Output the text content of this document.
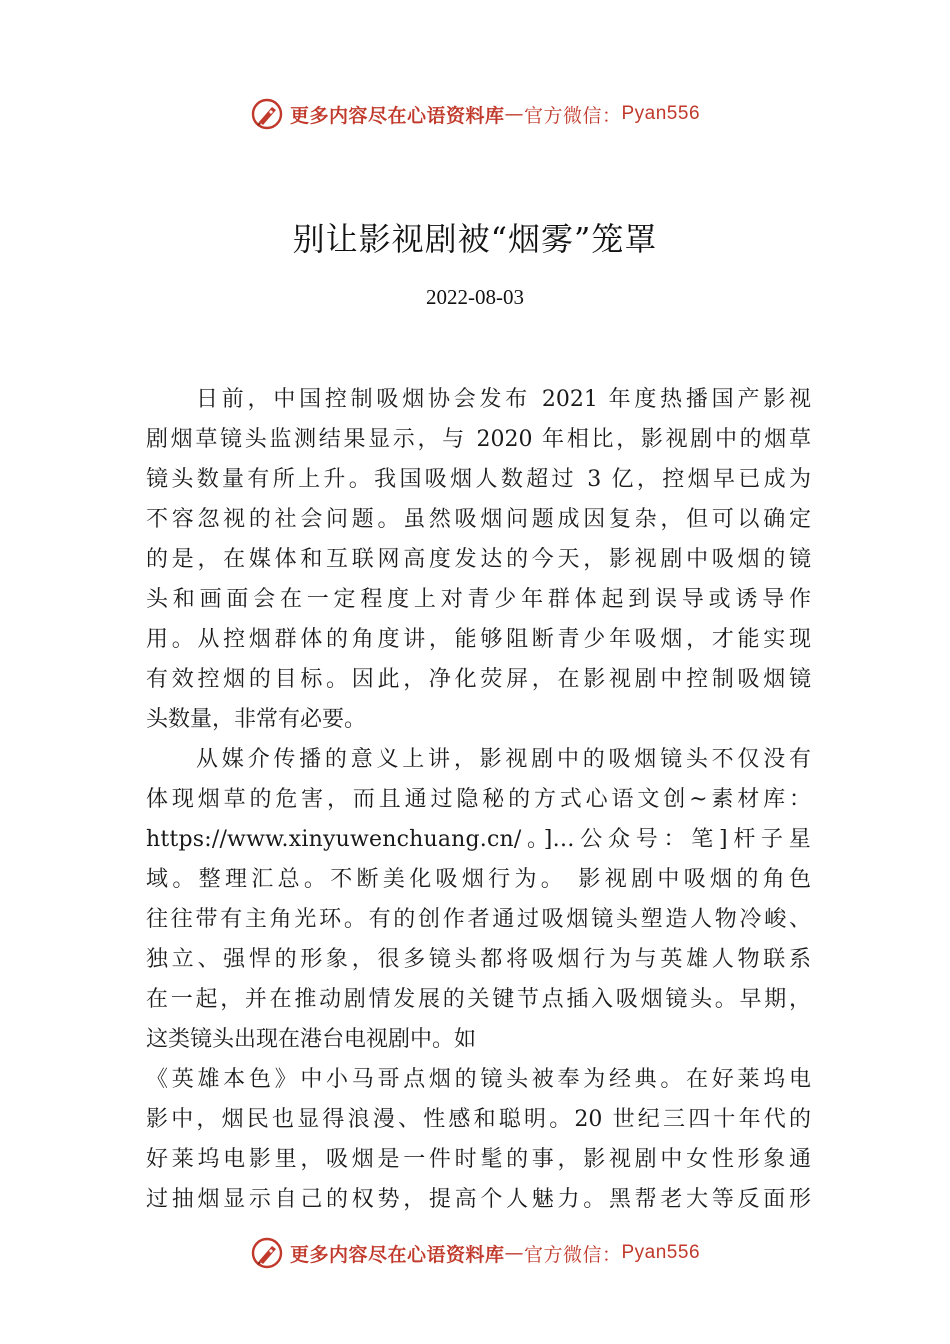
更多内容尽在心语资料库 — 官方微信： Pyan556
别让影视剧被“烟雾”笼罩
2022-08-03
日前，中国控制吸烟协会发布 2021 年度热播国产影视
剧烟草镜头监测结果显示，与 2020 年相比，影视剧中的烟草
镜头数量有所上升。我国吸烟人数超过 3 亿，控烟早已成为
不容忽视的社会问题。虽然吸烟问题成因复杂，但可以确定
的是，在媒体和互联网高度发达的今天，影视剧中吸烟的镜
头和画面会在一定程度上对青少年群体起到误导或诱导作
用。从控烟群体的角度讲，能够阻断青少年吸烟，才能实现
有效控烟的目标。因此，净化荧屏，在影视剧中控制吸烟镜
头数量，非常有必要。
从媒介传播的意义上讲，影视剧中的吸烟镜头不仅没有
体现烟草的危害，而且通过隐秘的方式心语文创~素材库：
https://www.xinyuwenchuang.cn/。]…公众号：笔]杆子星
域。整理汇总。不断美化吸烟行为。 影视剧中吸烟的角色
往往带有主角光环。有的创作者通过吸烟镜头塑造人物冷峻、
独立、强悍的形象，很多镜头都将吸烟行为与英雄人物联系
在一起，并在推动剧情发展的关键节点插入吸烟镜头。早期，
这类镜头出现在港台电视剧中。如
《英雄本色》中小马哥点烟的镜头被奉为经典。在好莱坞电
影中，烟民也显得浪漫、性感和聪明。20 世纪三四十年代的
好莱坞电影里，吸烟是一件时髦的事，影视剧中女性形象通
过抽烟显示自己的权势，提高个人魅力。黑帮老大等反面形
更多内容尽在心语资料库 — 官方微信： Pyan556
